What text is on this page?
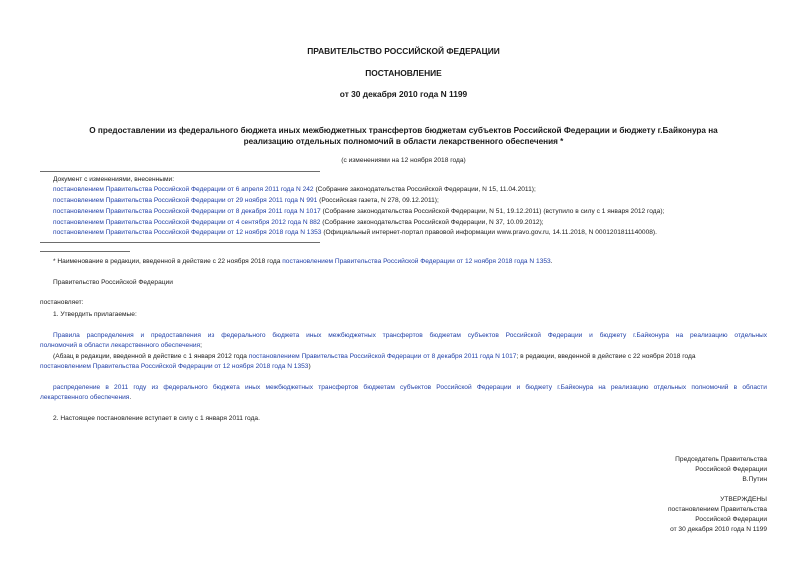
ПРАВИТЕЛЬСТВО РОССИЙСКОЙ ФЕДЕРАЦИИ
ПОСТАНОВЛЕНИЕ
от 30 декабря 2010 года N 1199
О предоставлении из федерального бюджета иных межбюджетных трансфертов бюджетам субъектов Российской Федерации и бюджету г.Байконура на
реализацию отдельных полномочий в области лекарственного обеспечения *
(с изменениями на 12 ноября 2018 года)
Документ с изменениями, внесенными:
постановлением Правительства Российской Федерации от 6 апреля 2011 года N 242 (Собрание законодательства Российской Федерации, N 15, 11.04.2011);
постановлением Правительства Российской Федерации от 29 ноября 2011 года N 991 (Российская газета, N 278, 09.12.2011);
постановлением Правительства Российской Федерации от 8 декабря 2011 года N 1017 (Собрание законодательства Российской Федерации, N 51, 19.12.2011) (вступило в силу с 1 января 2012 года);
постановлением Правительства Российской Федерации от 4 сентября 2012 года N 882 (Собрание законодательства Российской Федерации, N 37, 10.09.2012);
постановлением Правительства Российской Федерации от 12 ноября 2018 года N 1353 (Официальный интернет-портал правовой информации www.pravo.gov.ru, 14.11.2018, N 0001201811140008).
* Наименование в редакции, введенной в действие с 22 ноября 2018 года постановлением Правительства Российской Федерации от 12 ноября 2018 года N 1353.
Правительство Российской Федерации
постановляет:
1. Утвердить прилагаемые:
Правила распределения и предоставления из федерального бюджета иных межбюджетных трансфертов бюджетам субъектов Российской Федерации и бюджету г.Байконура на реализацию отдельных
полномочий в области лекарственного обеспечения;
(Абзац в редакции, введенной в действие с 1 января 2012 года постановлением Правительства Российской Федерации от 8 декабря 2011 года N 1017; в редакции, введенной в действие с 22 ноября 2018 года
постановлением Правительства Российской Федерации от 12 ноября 2018 года N 1353)
распределение в 2011 году из федерального бюджета иных межбюджетных трансфертов бюджетам субъектов Российской Федерации и бюджету г.Байконура на реализацию отдельных полномочий в области
лекарственного обеспечения.
2. Настоящее постановление вступает в силу с 1 января 2011 года.
Председатель Правительства
Российской Федерации
В.Путин
УТВЕРЖДЕНЫ
постановлением Правительства
Российской Федерации
от 30 декабря 2010 года N 1199
